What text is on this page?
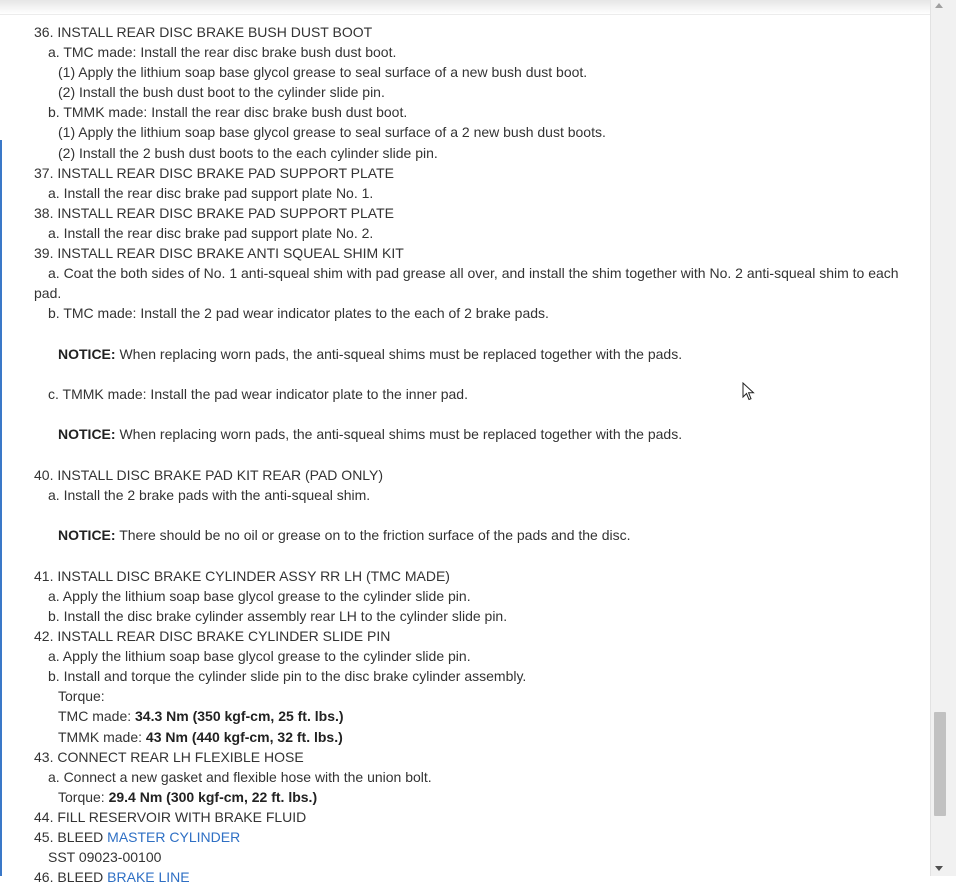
36. INSTALL REAR DISC BRAKE BUSH DUST BOOT
a. TMC made: Install the rear disc brake bush dust boot.
(1) Apply the lithium soap base glycol grease to seal surface of a new bush dust boot.
(2) Install the bush dust boot to the cylinder slide pin.
b. TMMK made: Install the rear disc brake bush dust boot.
(1) Apply the lithium soap base glycol grease to seal surface of a 2 new bush dust boots.
(2) Install the 2 bush dust boots to the each cylinder slide pin.
37. INSTALL REAR DISC BRAKE PAD SUPPORT PLATE
a. Install the rear disc brake pad support plate No. 1.
38. INSTALL REAR DISC BRAKE PAD SUPPORT PLATE
a. Install the rear disc brake pad support plate No. 2.
39. INSTALL REAR DISC BRAKE ANTI SQUEAL SHIM KIT
a. Coat the both sides of No. 1 anti-squeal shim with pad grease all over, and install the shim together with No. 2 anti-squeal shim to each pad.
b. TMC made: Install the 2 pad wear indicator plates to the each of 2 brake pads.
NOTICE: When replacing worn pads, the anti-squeal shims must be replaced together with the pads.
c. TMMK made: Install the pad wear indicator plate to the inner pad.
NOTICE: When replacing worn pads, the anti-squeal shims must be replaced together with the pads.
40. INSTALL DISC BRAKE PAD KIT REAR (PAD ONLY)
a. Install the 2 brake pads with the anti-squeal shim.
NOTICE: There should be no oil or grease on to the friction surface of the pads and the disc.
41. INSTALL DISC BRAKE CYLINDER ASSY RR LH (TMC MADE)
a. Apply the lithium soap base glycol grease to the cylinder slide pin.
b. Install the disc brake cylinder assembly rear LH to the cylinder slide pin.
42. INSTALL REAR DISC BRAKE CYLINDER SLIDE PIN
a. Apply the lithium soap base glycol grease to the cylinder slide pin.
b. Install and torque the cylinder slide pin to the disc brake cylinder assembly.
Torque:
TMC made: 34.3 Nm (350 kgf-cm, 25 ft. lbs.)
TMMK made: 43 Nm (440 kgf-cm, 32 ft. lbs.)
43. CONNECT REAR LH FLEXIBLE HOSE
a. Connect a new gasket and flexible hose with the union bolt.
Torque: 29.4 Nm (300 kgf-cm, 22 ft. lbs.)
44. FILL RESERVOIR WITH BRAKE FLUID
45. BLEED MASTER CYLINDER
SST 09023-00100
46. BLEED BRAKE LINE
